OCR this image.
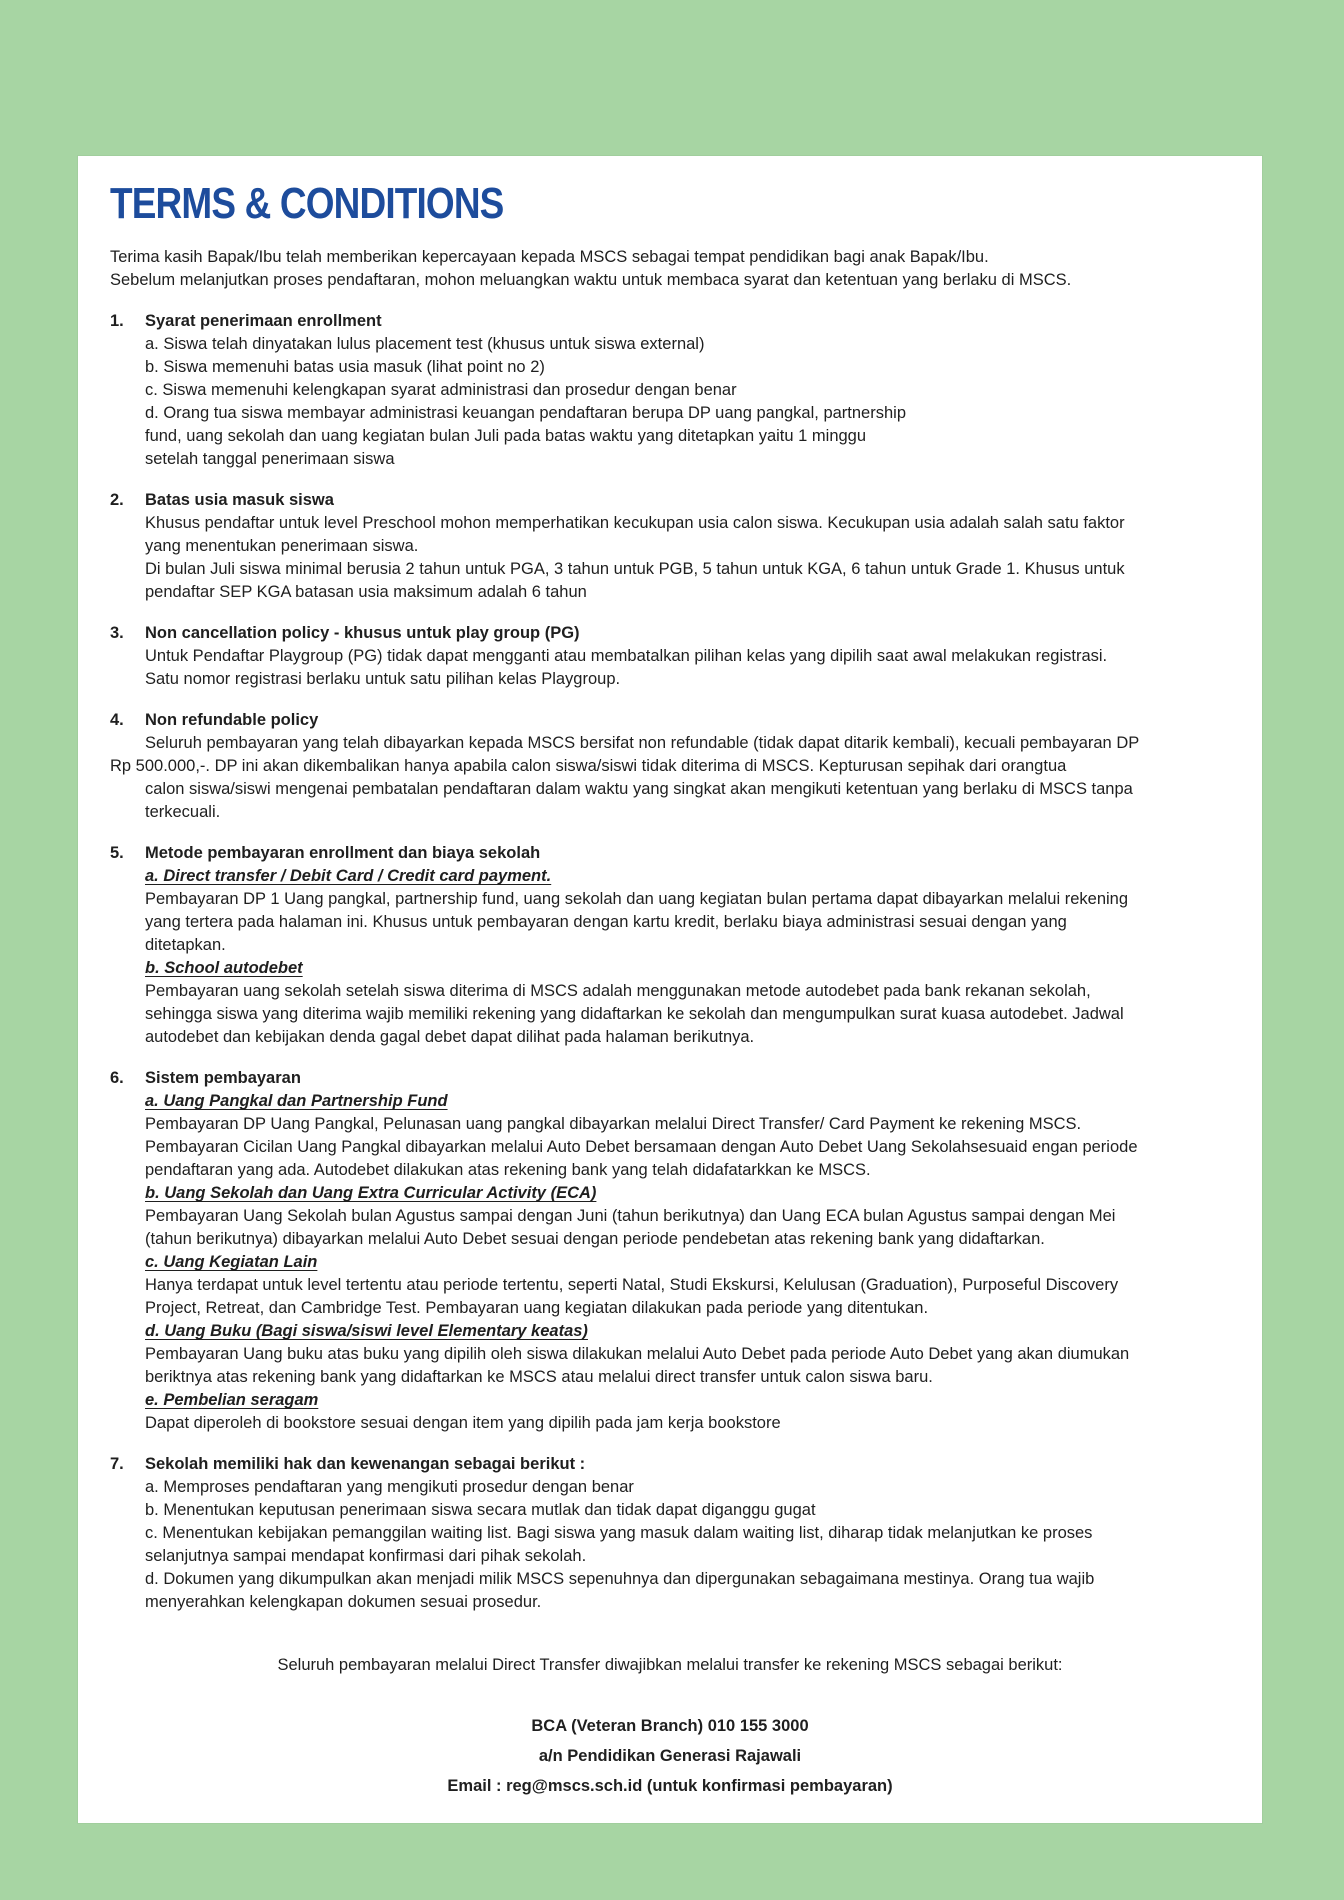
TERMS & CONDITIONS
Terima kasih Bapak/Ibu telah memberikan kepercayaan kepada MSCS sebagai tempat pendidikan bagi anak Bapak/Ibu.
Sebelum melanjutkan proses pendaftaran, mohon meluangkan waktu untuk membaca syarat dan ketentuan yang berlaku di MSCS.
1.	Syarat penerimaan enrollment
a. Siswa telah dinyatakan lulus placement test (khusus untuk siswa external)
b. Siswa memenuhi batas usia masuk (lihat point no 2)
c. Siswa memenuhi kelengkapan syarat administrasi dan prosedur dengan benar
d. Orang tua siswa membayar administrasi keuangan pendaftaran berupa DP uang pangkal, partnership
fund, uang sekolah dan uang kegiatan bulan Juli pada batas waktu yang ditetapkan yaitu 1 minggu
setelah tanggal penerimaan siswa
2.	Batas usia masuk siswa
Khusus pendaftar untuk level Preschool mohon memperhatikan kecukupan usia calon siswa. Kecukupan usia adalah salah satu faktor
yang menentukan penerimaan siswa.
Di bulan Juli siswa minimal berusia 2 tahun untuk PGA, 3 tahun untuk PGB, 5 tahun untuk KGA, 6 tahun untuk Grade 1. Khusus untuk
pendaftar SEP KGA batasan usia maksimum adalah 6 tahun
3.	Non cancellation policy - khusus untuk play group (PG)
Untuk Pendaftar Playgroup (PG) tidak dapat mengganti atau membatalkan pilihan kelas yang dipilih saat awal melakukan registrasi.
Satu nomor registrasi berlaku untuk satu pilihan kelas Playgroup.
4.	Non refundable policy
Seluruh pembayaran yang telah dibayarkan kepada MSCS bersifat non refundable (tidak dapat ditarik kembali), kecuali pembayaran DP
Rp 500.000,-. DP ini akan dikembalikan hanya apabila calon siswa/siswi tidak diterima di MSCS. Kepturusan sepihak dari orangtua
calon siswa/siswi mengenai pembatalan pendaftaran dalam waktu yang singkat akan mengikuti ketentuan yang berlaku di MSCS tanpa
terkecuali.
5.	Metode pembayaran enrollment dan biaya sekolah
a. Direct transfer / Debit Card / Credit card payment.
Pembayaran DP 1 Uang pangkal, partnership fund, uang sekolah dan uang kegiatan bulan pertama dapat dibayarkan melalui rekening
yang tertera pada halaman ini. Khusus untuk pembayaran dengan kartu kredit, berlaku biaya administrasi sesuai dengan yang
ditetapkan.
b. School autodebet
Pembayaran uang sekolah setelah siswa diterima di MSCS adalah menggunakan metode autodebet pada bank rekanan sekolah,
sehingga siswa yang diterima wajib memiliki rekening yang didaftarkan ke sekolah dan mengumpulkan surat kuasa autodebet. Jadwal
autodebet dan kebijakan denda gagal debet dapat dilihat pada halaman berikutnya.
6.	Sistem pembayaran
a. Uang Pangkal dan Partnership Fund
Pembayaran DP Uang Pangkal, Pelunasan uang pangkal dibayarkan melalui Direct Transfer/ Card Payment ke rekening MSCS.
Pembayaran Cicilan Uang Pangkal dibayarkan melalui Auto Debet bersamaan dengan Auto Debet Uang Sekolahsesuaid engan periode
pendaftaran yang ada. Autodebet dilakukan atas rekening bank yang telah didafatarkkan ke MSCS.
b. Uang Sekolah dan Uang Extra Curricular Activity (ECA)
Pembayaran Uang Sekolah bulan Agustus sampai dengan Juni (tahun berikutnya) dan Uang ECA bulan Agustus sampai dengan Mei
(tahun berikutnya) dibayarkan melalui Auto Debet sesuai dengan periode pendebetan atas rekening bank yang didaftarkan.
c. Uang Kegiatan Lain
Hanya terdapat untuk level tertentu atau periode tertentu, seperti Natal, Studi Ekskursi, Kelulusan (Graduation), Purposeful Discovery
Project, Retreat, dan Cambridge Test. Pembayaran uang kegiatan dilakukan pada periode yang ditentukan.
d. Uang Buku (Bagi siswa/siswi level Elementary keatas)
Pembayaran Uang buku atas buku yang dipilih oleh siswa dilakukan melalui Auto Debet pada periode Auto Debet yang akan diumukan
beriktnya atas rekening bank yang didaftarkan ke MSCS atau melalui direct transfer untuk calon siswa baru.
e. Pembelian seragam
Dapat diperoleh di bookstore sesuai dengan item yang dipilih pada jam kerja bookstore
7.	Sekolah memiliki hak dan kewenangan sebagai berikut :
a. Memproses pendaftaran yang mengikuti prosedur dengan benar
b. Menentukan keputusan penerimaan siswa secara mutlak dan tidak dapat diganggu gugat
c. Menentukan kebijakan pemanggilan waiting list. Bagi siswa yang masuk dalam waiting list, diharap tidak melanjutkan ke proses
selanjutnya sampai mendapat konfirmasi dari pihak sekolah.
d. Dokumen yang dikumpulkan akan menjadi milik MSCS sepenuhnya dan dipergunakan sebagaimana mestinya. Orang tua wajib
menyerahkan kelengkapan dokumen sesuai prosedur.

Seluruh pembayaran melalui Direct Transfer diwajibkan melalui transfer ke rekening MSCS sebagai berikut:

BCA (Veteran Branch) 010 155 3000
a/n Pendidikan Generasi Rajawali
Email : reg@mscs.sch.id (untuk konfirmasi pembayaran)
